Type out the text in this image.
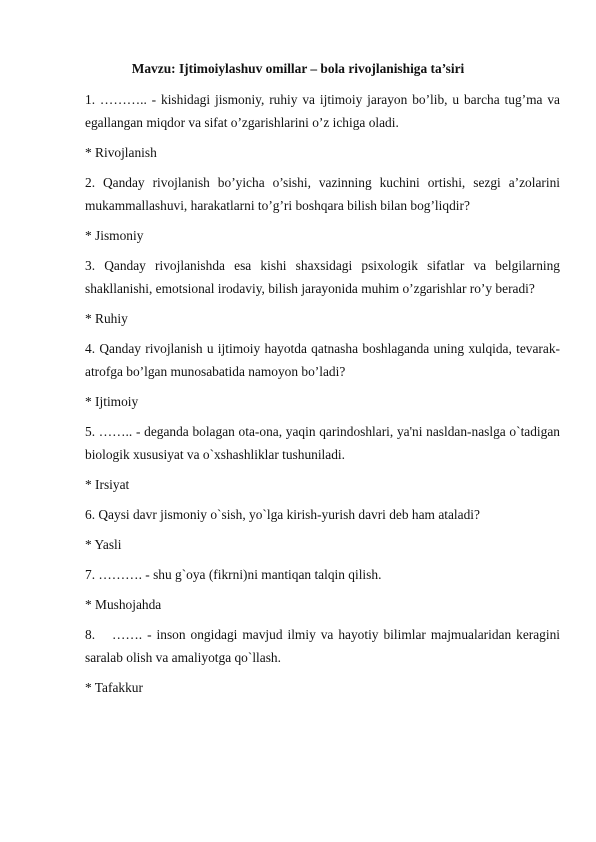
Mavzu: Ijtimoiylashuv omillar – bola rivojlanishiga ta’siri

1. ……….. - kishidagi jismoniy, ruhiy va ijtimoiy jarayon bo’lib, u barcha tug’ma va egallangan miqdor va sifat o’zgarishlarini o’z ichiga oladi.

* Rivojlanish

2. Qanday rivojlanish bo’yicha o’sishi, vazinning kuchini ortishi, sezgi a’zolarini mukammallashuvi, harakatlarni to’g’ri boshqara bilish bilan bog’liqdir?

* Jismoniy

3. Qanday rivojlanishda esa kishi shaxsidagi psixologik sifatlar va belgilarning shakllanishi, emotsional irodaviy, bilish jarayonida muhim o’zgarishlar ro’y beradi?

* Ruhiy

4. Qanday rivojlanish u ijtimoiy hayotda qatnasha boshlaganda uning xulqida, tevarak- atrofga bo’lgan munosabatida namoyon bo’ladi?

* Ijtimoiy

5. …….. - deganda bolagan ota-ona, yaqin qarindoshlari, ya'ni nasldan-naslga o`tadigan biologik xususiyat va o`xshashliklar tushuniladi.

* Irsiyat

6. Qaysi davr jismoniy o`sish, yo`lga kirish-yurish davri deb ham ataladi?

* Yasli

7. ………. - shu g`oya (fikrni)ni mantiqan talqin qilish.

* Mushojahda

8. ……. - inson ongidagi mavjud ilmiy va hayotiy bilimlar majmualaridan keragini saralab olish va amaliyotga qo`llash.

* Tafakkur
